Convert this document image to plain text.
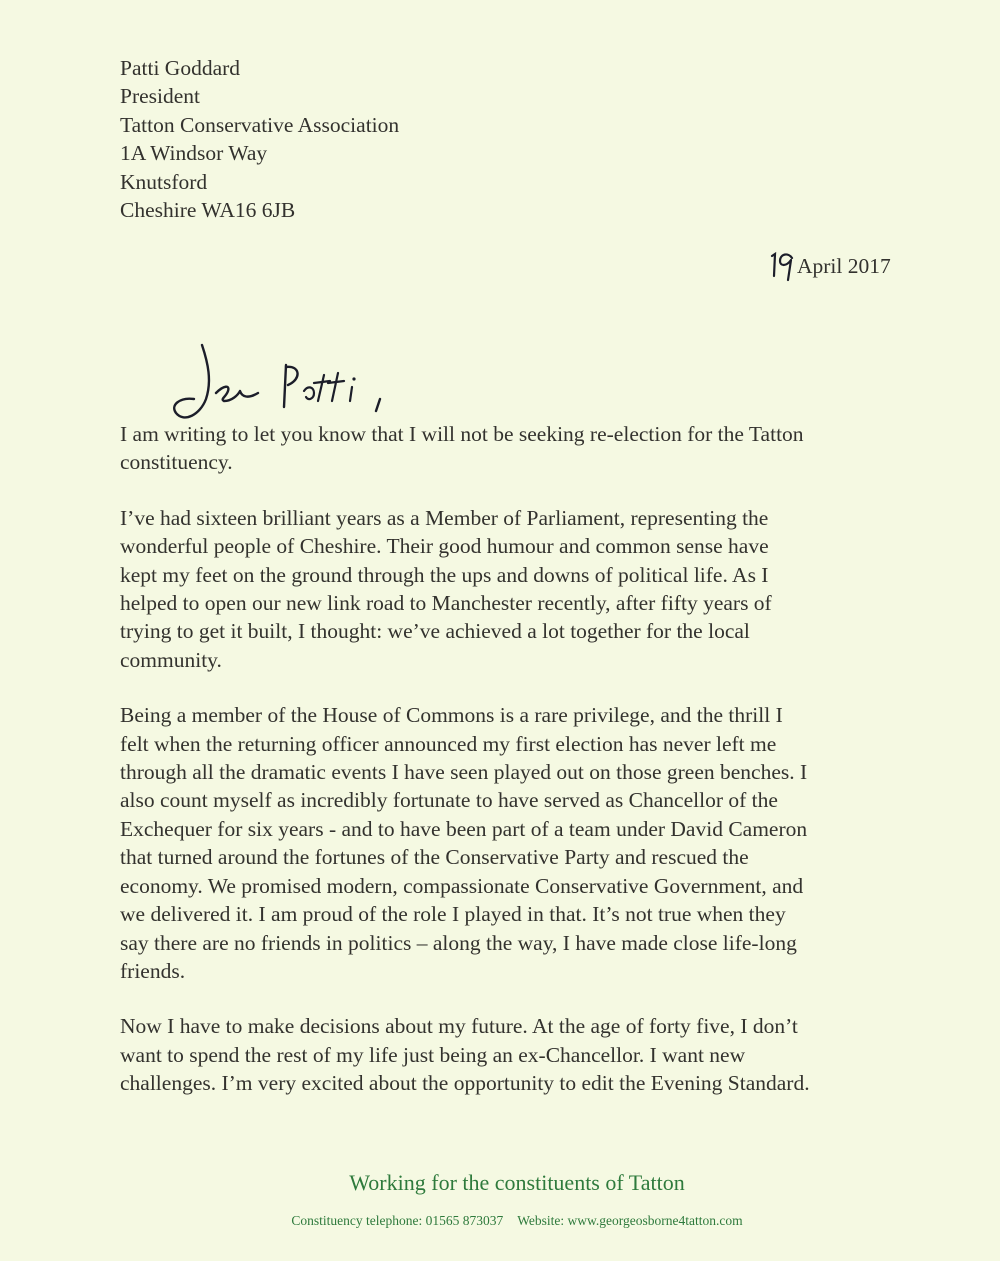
Patti Goddard
President
Tatton Conservative Association
1A Windsor Way
Knutsford
Cheshire WA16 6JB
April 2017
I am writing to let you know that I will not be seeking re-election for the Tatton
constituency.
I’ve had sixteen brilliant years as a Member of Parliament, representing the
wonderful people of Cheshire. Their good humour and common sense have
kept my feet on the ground through the ups and downs of political life. As I
helped to open our new link road to Manchester recently, after fifty years of
trying to get it built, I thought: we’ve achieved a lot together for the local
community.
Being a member of the House of Commons is a rare privilege, and the thrill I
felt when the returning officer announced my first election has never left me
through all the dramatic events I have seen played out on those green benches. I
also count myself as incredibly fortunate to have served as Chancellor of the
Exchequer for six years - and to have been part of a team under David Cameron
that turned around the fortunes of the Conservative Party and rescued the
economy. We promised modern, compassionate Conservative Government, and
we delivered it. I am proud of the role I played in that. It’s not true when they
say there are no friends in politics – along the way, I have made close life-long
friends.
Now I have to make decisions about my future. At the age of forty five, I don’t
want to spend the rest of my life just being an ex-Chancellor. I want new
challenges. I’m very excited about the opportunity to edit the Evening Standard.
Working for the constituents of Tatton
Constituency telephone: 01565 873037 Website: www.georgeosborne4tatton.com
